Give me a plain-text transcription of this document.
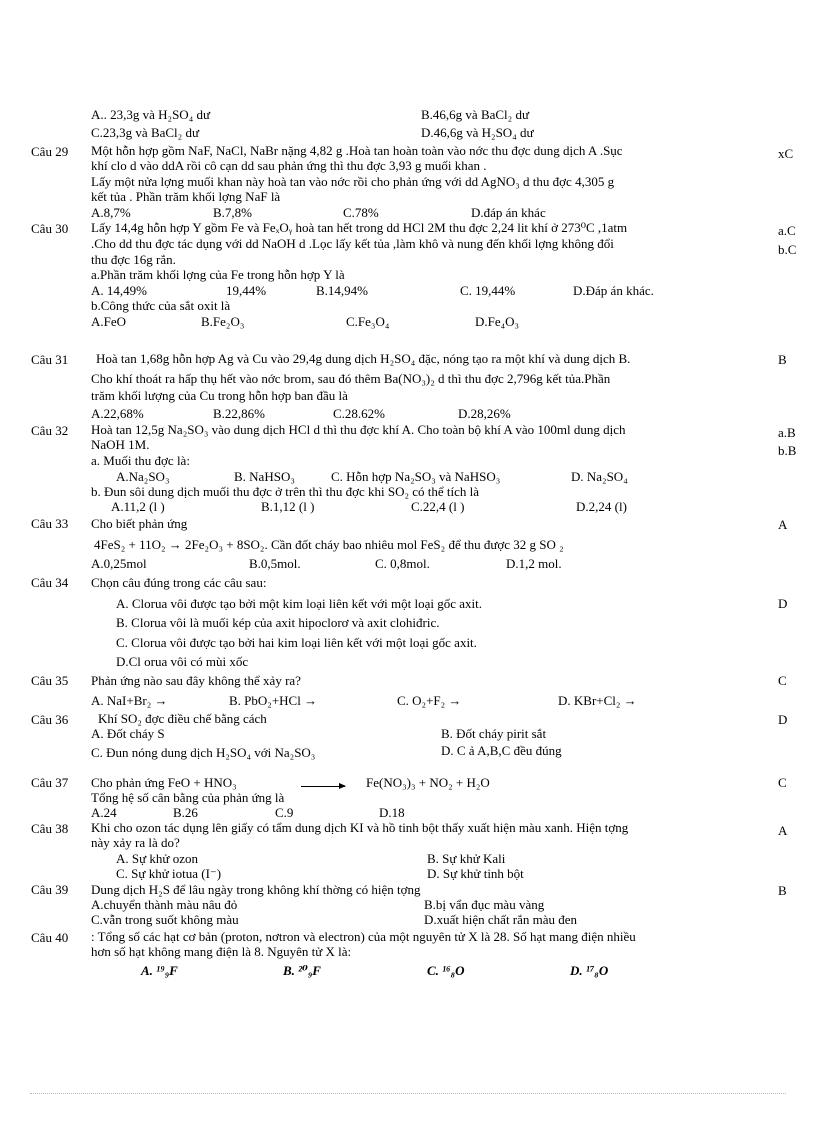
A.. 23,3g và H₂SO₄ dư	B.46,6g và BaCl₂ dư
C.23,3g và BaCl₂ dư	D.46,6g và H₂SO₄ dư
Câu 29	xC
Một hỗn hợp gồm NaF, NaCl, NaBr nặng 4,82 g .Hoà tan hoàn toàn vào nớc thu đợc dung dịch A .Sục
khí clo d vào ddA rồi cô cạn dd sau phản ứng thì thu đợc 3,93 g muối khan .
Lấy một nửa lợng muối khan này hoà tan vào nớc rồi cho phản ứng với dd AgNO₃ d thu đợc 4,305 g
kết tủa . Phần trăm khối lợng NaF là
A.8,7%	B.7,8%	C.78%	D.đáp án khác
Câu 30	a.C
b.C
Lấy 14,4g hỗn hợp Y gồm Fe và FeₓOᵧ hoà tan hết trong dd HCl 2M thu đợc 2,24 lit khí ở 273⁰C ,1atm
.Cho dd thu đợc tác dụng với dd NaOH d .Lọc lấy kết tủa ,làm khô và nung đến khối lợng không đổi
thu đợc 16g rắn.
a.Phần trăm khối lợng của Fe trong hỗn hợp Y là
A. 14,49%	19,44%	B.14,94%	C. 19,44%	D.Đáp án khác.
b.Công thức của sắt oxit là
A.FeO	B.Fe₂O₃	C.Fe₃O₄	D.Fe₄O₃
Câu 31	B
Hoà tan 1,68g hỗn hợp Ag và Cu vào 29,4g dung dịch H₂SO₄ đặc, nóng tạo ra một khí và dung dịch B.
Cho khí thoát ra hấp thụ hết vào nớc brom, sau đó thêm Ba(NO₃)₂ d thì thu đợc 2,796g kết tủa.Phần
trăm khối lượng của Cu trong hỗn hợp ban đầu là
A.22,68%	B.22,86%	C.28.62%	D.28,26%
Câu 32	a.B
b.B
Hoà tan 12,5g Na₂SO₃ vào dung dịch HCl d thì thu đợc khí A. Cho toàn bộ khí A vào 100ml dung dịch
NaOH 1M.
a. Muối thu đợc là:
A.Na₂SO₃	B. NaHSO₃	C. Hỗn hợp Na₂SO₃ và NaHSO₃	D. Na₂SO₄
b. Đun sôi dung dịch muối thu đợc ở trên thì thu đợc khi SO₂ có thể tích là
A.11,2 (l )	B.1,12 (l )	C.22,4 (l )	D.2,24 (l)
Câu 33	A
Cho biết phản ứng
4FeS₂ + 11O₂ → 2Fe₂O₃ + 8SO₂. Cần đốt cháy bao nhiêu mol FeS₂ để thu được 32 g SO ₂
A.0,25mol	B.0,5mol.	C. 0,8mol.	D.1,2 mol.
Câu 34
D
Chọn câu đúng trong các câu sau:
A. Clorua vôi được tạo bởi một kim loại liên kết với một loại gốc axit.
B. Clorua vôi là muối kép của axit hipoclorơ và axit clohiđric.
C. Clorua vôi được tạo bởi hai kim loại liên kết với một loại gốc axit.
D.Cl orua vôi có mùi xốc
Câu 35	C
Phản ứng nào sau đây không thể xảy ra?
A. NaI+Br₂ →	B. PbO₂+HCl →	C. O₂+F₂ →	D. KBr+Cl₂ →
Câu 36	D
Khí SO₂ đợc điều chế bằng cách
A. Đốt cháy S	B. Đốt cháy pirit sắt
C. Đun nóng dung dịch H₂SO₄ với Na₂SO₃	D. C ả A,B,C đều đúng
Câu 37	C
Cho phản ứng FeO + HNO₃	→ Fe(NO₃)₃ + NO₂ + H₂O
Tổng hệ số cân bằng của phản ứng là
A.24	B.26	C.9	D.18
Câu 38	A
Khi cho ozon tác dụng lên giấy có tẩm dung dịch KI và hồ tinh bột thấy xuất hiện màu xanh. Hiện tợng
này xảy ra là do?
A. Sự khử ozon	B. Sự khử Kali
C. Sự khử iotua (I⁻)	D. Sự khử tinh bột
Câu 39	B
Dung dịch H₂S để lâu ngày trong không khí thờng có hiện tợng
A.chuyển thành màu nâu đỏ	B.bị vẩn đục màu vàng
C.vẫn trong suốt không màu	D.xuất hiện chất rắn màu đen
Câu 40 : Tổng số các hạt cơ bản (proton, nơtron và electron) của một nguyên tử X là 28. Số hạt mang điện nhiều
hơn số hạt không mang điện là 8. Nguyên tử X là:
A. ¹⁹₉F	B. ²⁰₉F	C. ¹⁶₈O	D. ¹⁷₈O
